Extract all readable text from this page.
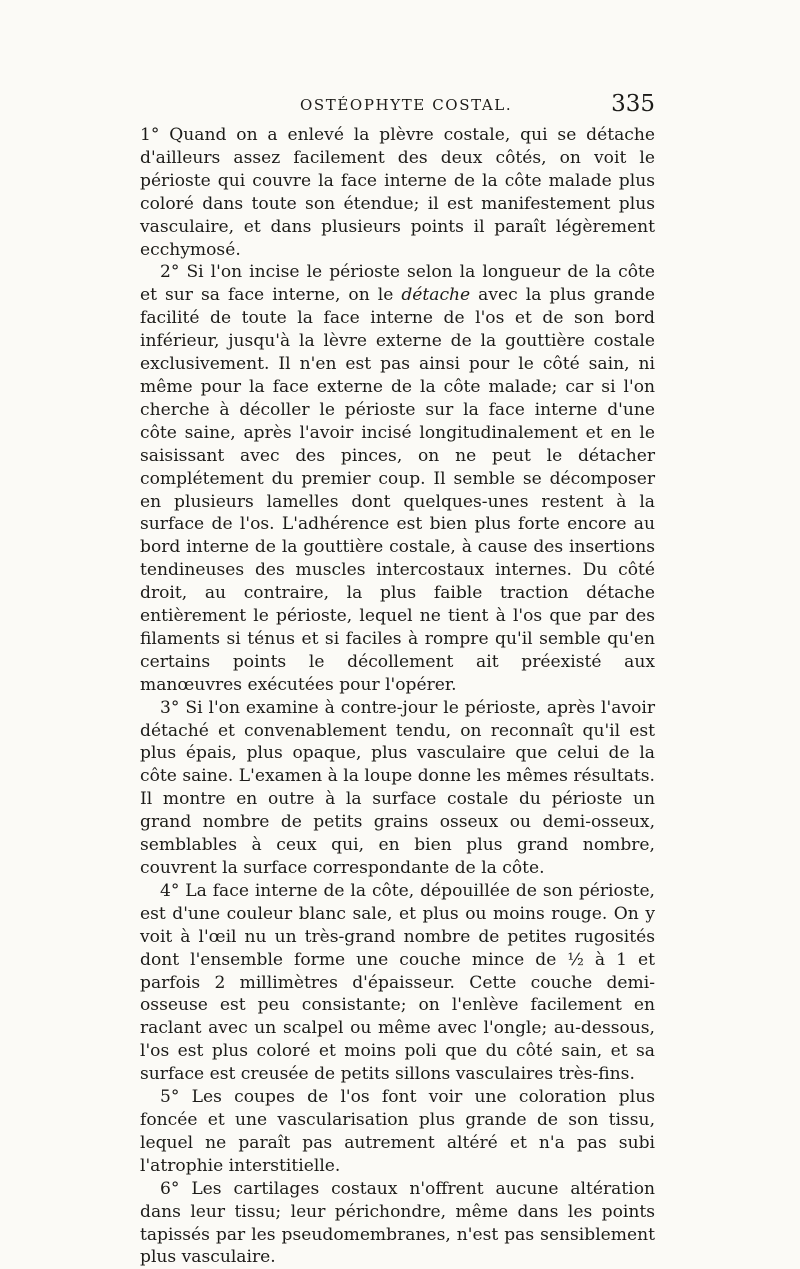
OSTÉOPHYTE COSTAL.	335

1° Quand on a enlevé la plèvre costale, qui se détache d'ailleurs assez facilement des deux côtés, on voit le périoste qui couvre la face interne de la côte malade plus coloré dans toute son étendue; il est manifestement plus vasculaire, et dans plusieurs points il paraît légèrement ecchymosé.

2° Si l'on incise le périoste selon la longueur de la côte et sur sa face interne, on le détache avec la plus grande facilité de toute la face interne de l'os et de son bord inférieur, jusqu'à la lèvre externe de la gouttière costale exclusivement. Il n'en est pas ainsi pour le côté sain, ni même pour la face externe de la côte malade; car si l'on cherche à décoller le périoste sur la face interne d'une côte saine, après l'avoir incisé longitudinalement et en le saisissant avec des pinces, on ne peut le détacher complétement du premier coup. Il semble se décomposer en plusieurs lamelles dont quelques-unes restent à la surface de l'os. L'adhérence est bien plus forte encore au bord interne de la gouttière costale, à cause des insertions tendineuses des muscles intercostaux internes. Du côté droit, au contraire, la plus faible traction détache entièrement le périoste, lequel ne tient à l'os que par des filaments si ténus et si faciles à rompre qu'il semble qu'en certains points le décollement ait préexisté aux manœuvres exécutées pour l'opérer.

3° Si l'on examine à contre-jour le périoste, après l'avoir détaché et convenablement tendu, on reconnaît qu'il est plus épais, plus opaque, plus vasculaire que celui de la côte saine. L'examen à la loupe donne les mêmes résultats. Il montre en outre à la surface costale du périoste un grand nombre de petits grains osseux ou demi-osseux, semblables à ceux qui, en bien plus grand nombre, couvrent la surface correspondante de la côte.

4° La face interne de la côte, dépouillée de son périoste, est d'une couleur blanc sale, et plus ou moins rouge. On y voit à l'œil nu un très-grand nombre de petites rugosités dont l'ensemble forme une couche mince de ½ à 1 et parfois 2 millimètres d'épaisseur. Cette couche demi-osseuse est peu consistante; on l'enlève facilement en raclant avec un scalpel ou même avec l'ongle; au-dessous, l'os est plus coloré et moins poli que du côté sain, et sa surface est creusée de petits sillons vasculaires très-fins.

5° Les coupes de l'os font voir une coloration plus foncée et une vascularisation plus grande de son tissu, lequel ne paraît pas autrement altéré et n'a pas subi l'atrophie interstitielle.

6° Les cartilages costaux n'offrent aucune altération dans leur tissu; leur périchondre, même dans les points tapissés par les pseudomembranes, n'est pas sensiblement plus vasculaire.
